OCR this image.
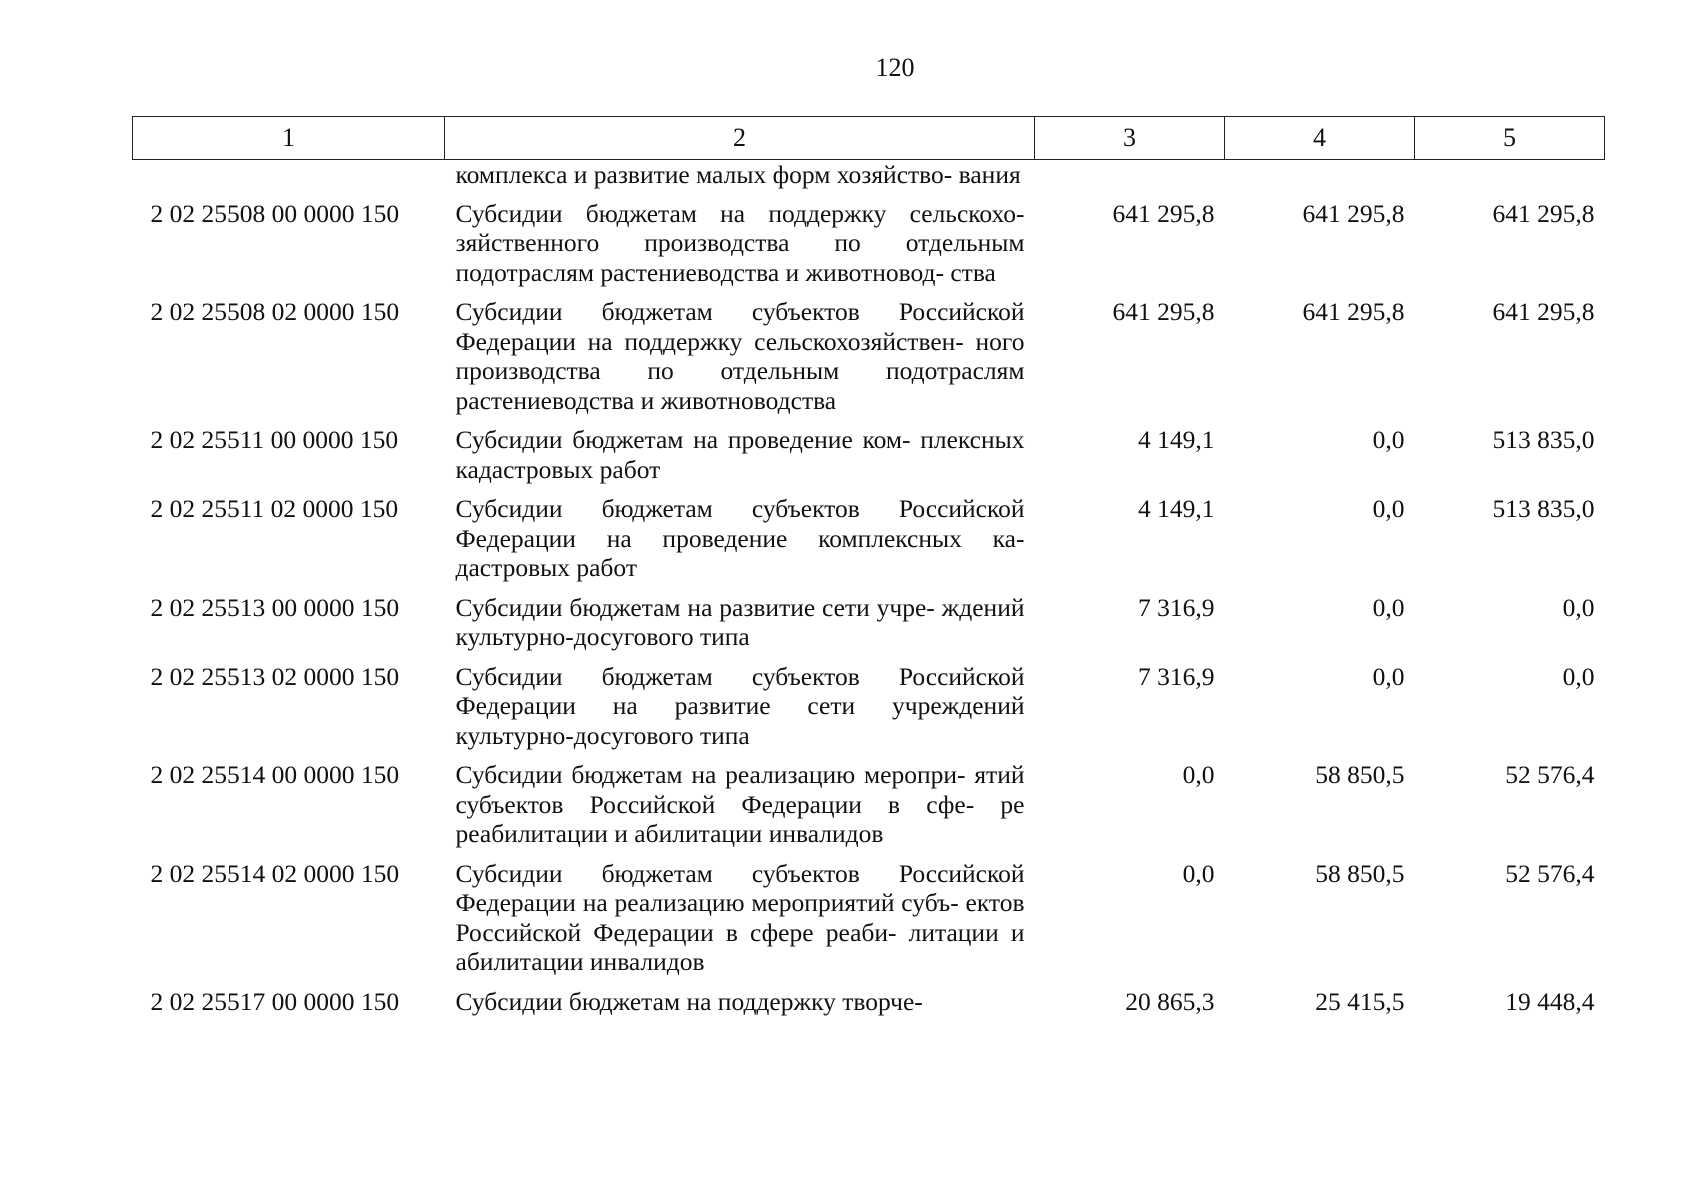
120
1	2	3	4	5
	комплекса и развитие малых форм хозяйство- вания			
2 02 25508 00 0000 150	Субсидии бюджетам на поддержку сельскохо- зяйственного производства по отдельным подотраслям растениеводства и животновод- ства	641 295,8	641 295,8	641 295,8
2 02 25508 02 0000 150	Субсидии бюджетам субъектов Российской Федерации на поддержку сельскохозяйствен- ного производства по отдельным подотраслям растениеводства и животноводства	641 295,8	641 295,8	641 295,8
2 02 25511 00 0000 150	Субсидии бюджетам на проведение ком- плексных кадастровых работ	4 149,1	0,0	513 835,0
2 02 25511 02 0000 150	Субсидии бюджетам субъектов Российской Федерации на проведение комплексных ка- дастровых работ	4 149,1	0,0	513 835,0
2 02 25513 00 0000 150	Субсидии бюджетам на развитие сети учре- ждений культурно-досугового типа	7 316,9	0,0	0,0
2 02 25513 02 0000 150	Субсидии бюджетам субъектов Российской Федерации на развитие сети учреждений культурно-досугового типа	7 316,9	0,0	0,0
2 02 25514 00 0000 150	Субсидии бюджетам на реализацию меропри- ятий субъектов Российской Федерации в сфе- ре реабилитации и абилитации инвалидов	0,0	58 850,5	52 576,4
2 02 25514 02 0000 150	Субсидии бюджетам субъектов Российской Федерации на реализацию мероприятий субъ- ектов Российской Федерации в сфере реаби- литации и абилитации инвалидов	0,0	58 850,5	52 576,4
2 02 25517 00 0000 150	Субсидии бюджетам на поддержку творче-	20 865,3	25 415,5	19 448,4
